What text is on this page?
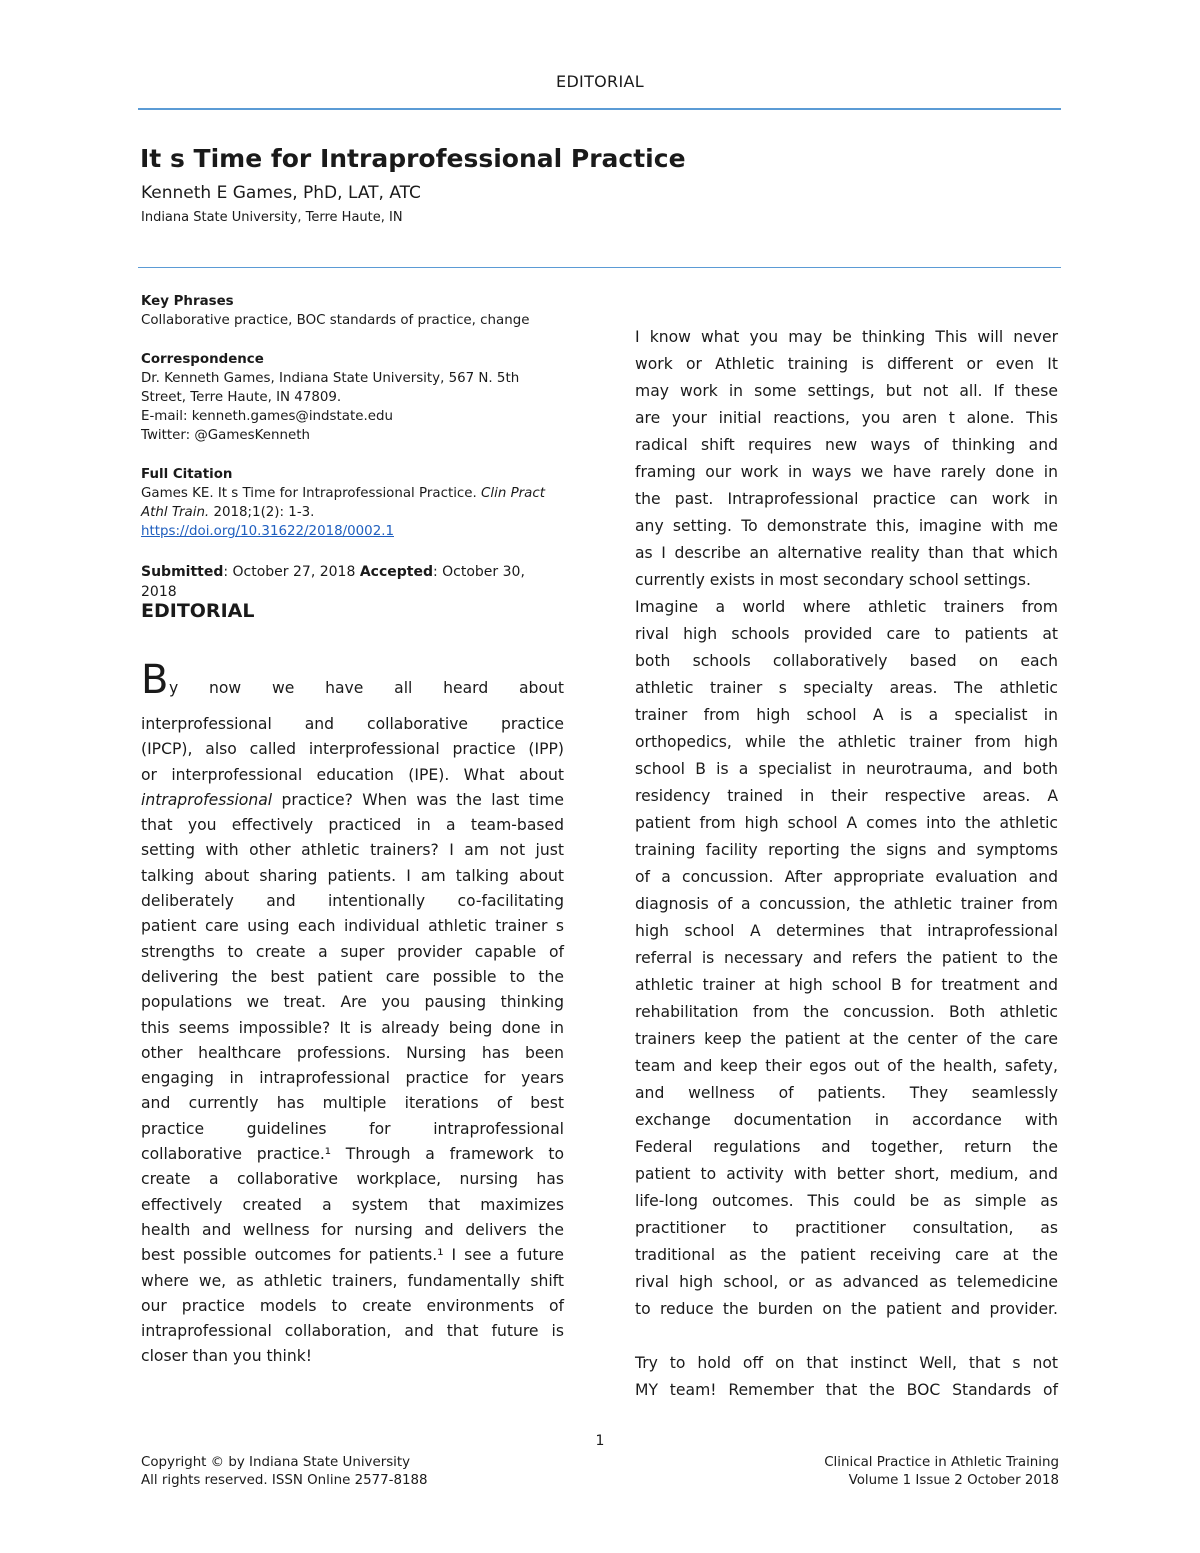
EDITORIAL
It s Time for Intraprofessional Practice
Kenneth E Games, PhD, LAT, ATC
Indiana State University, Terre Haute, IN
Key Phrases
Collaborative practice, BOC standards of practice, change
Correspondence
Dr. Kenneth Games, Indiana State University, 567 N. 5th
Street, Terre Haute, IN 47809.
E-mail: kenneth.games@indstate.edu
Twitter: @GamesKenneth
Full Citation
Games KE. It s Time for Intraprofessional Practice. Clin Pract
Athl Train. 2018;1(2): 1-3.
https://doi.org/10.31622/2018/0002.1
Submitted: October 27, 2018 Accepted: October 30, 2018
EDITORIAL
B y now we have all heard about
interprofessional and collaborative practice
(IPCP), also called interprofessional practice (IPP)
or interprofessional education (IPE). What about
intraprofessional practice? When was the last time
that you effectively practiced in a team-based
setting with other athletic trainers? I am not just
talking about sharing patients. I am talking about
deliberately and intentionally co-facilitating
patient care using each individual athletic trainer s
strengths to create a super provider capable of
delivering the best patient care possible to the
populations we treat. Are you pausing thinking
this seems impossible? It is already being done in
other healthcare professions. Nursing has been
engaging in intraprofessional practice for years
and currently has multiple iterations of best
practice guidelines for intraprofessional
collaborative practice.¹ Through a framework to
create a collaborative workplace, nursing has
effectively created a system that maximizes
health and wellness for nursing and delivers the
best possible outcomes for patients.¹ I see a future
where we, as athletic trainers, fundamentally shift
our practice models to create environments of
intraprofessional collaboration, and that future is
closer than you think!
I know what you may be thinking This will never
work or Athletic training is different or even It
may work in some settings, but not all. If these
are your initial reactions, you aren t alone. This
radical shift requires new ways of thinking and
framing our work in ways we have rarely done in
the past. Intraprofessional practice can work in
any setting. To demonstrate this, imagine with me
as I describe an alternative reality than that which
currently exists in most secondary school settings.
Imagine a world where athletic trainers from
rival high schools provided care to patients at
both schools collaboratively based on each
athletic trainer s specialty areas. The athletic
trainer from high school A is a specialist in
orthopedics, while the athletic trainer from high
school B is a specialist in neurotrauma, and both
residency trained in their respective areas. A
patient from high school A comes into the athletic
training facility reporting the signs and symptoms
of a concussion. After appropriate evaluation and
diagnosis of a concussion, the athletic trainer from
high school A determines that intraprofessional
referral is necessary and refers the patient to the
athletic trainer at high school B for treatment and
rehabilitation from the concussion. Both athletic
trainers keep the patient at the center of the care
team and keep their egos out of the health, safety,
and wellness of patients. They seamlessly
exchange documentation in accordance with
Federal regulations and together, return the
patient to activity with better short, medium, and
life-long outcomes. This could be as simple as
practitioner to practitioner consultation, as
traditional as the patient receiving care at the
rival high school, or as advanced as telemedicine
to reduce the burden on the patient and provider.
Try to hold off on that instinct Well, that s not
MY team! Remember that the BOC Standards of
1
Copyright © by Indiana State University
All rights reserved. ISSN Online 2577-8188
Clinical Practice in Athletic Training
Volume 1 Issue 2 October 2018
